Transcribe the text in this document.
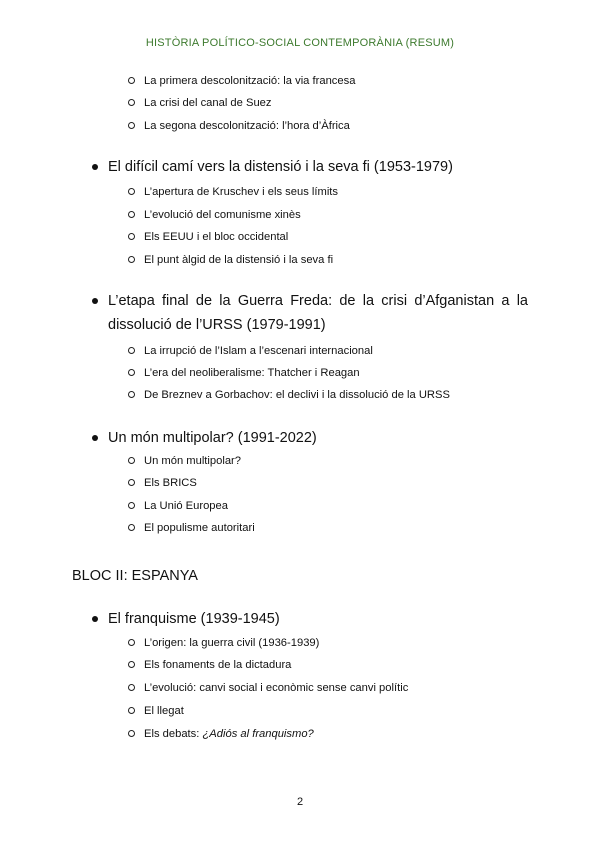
HISTÒRIA POLÍTICO-SOCIAL CONTEMPORÀNIA (RESUM)
La primera descolonització: la via francesa
La crisi del canal de Suez
La segona descolonització: l’hora d’Àfrica
El difícil camí vers la distensió i la seva fi (1953-1979)
L’apertura de Kruschev i els seus límits
L’evolució del comunisme xinès
Els EEUU i el bloc occidental
El punt àlgid de la distensió i la seva fi
L’etapa final de la Guerra Freda: de la crisi d’Afganistan a la dissolució de l’URSS (1979-1991)
La irrupció de l’Islam a l’escenari internacional
L’era del neoliberalisme: Thatcher i Reagan
De Breznev a Gorbachov: el declivi i la dissolució de la URSS
Un món multipolar? (1991-2022)
Un món multipolar?
Els BRICS
La Unió Europea
El populisme autoritari
BLOC II: ESPANYA
El franquisme (1939-1945)
L’origen: la guerra civil (1936-1939)
Els fonaments de la dictadura
L’evolució: canvi social i econòmic sense canvi polític
El llegat
Els debats: ¿Adiós al franquismo?
2
